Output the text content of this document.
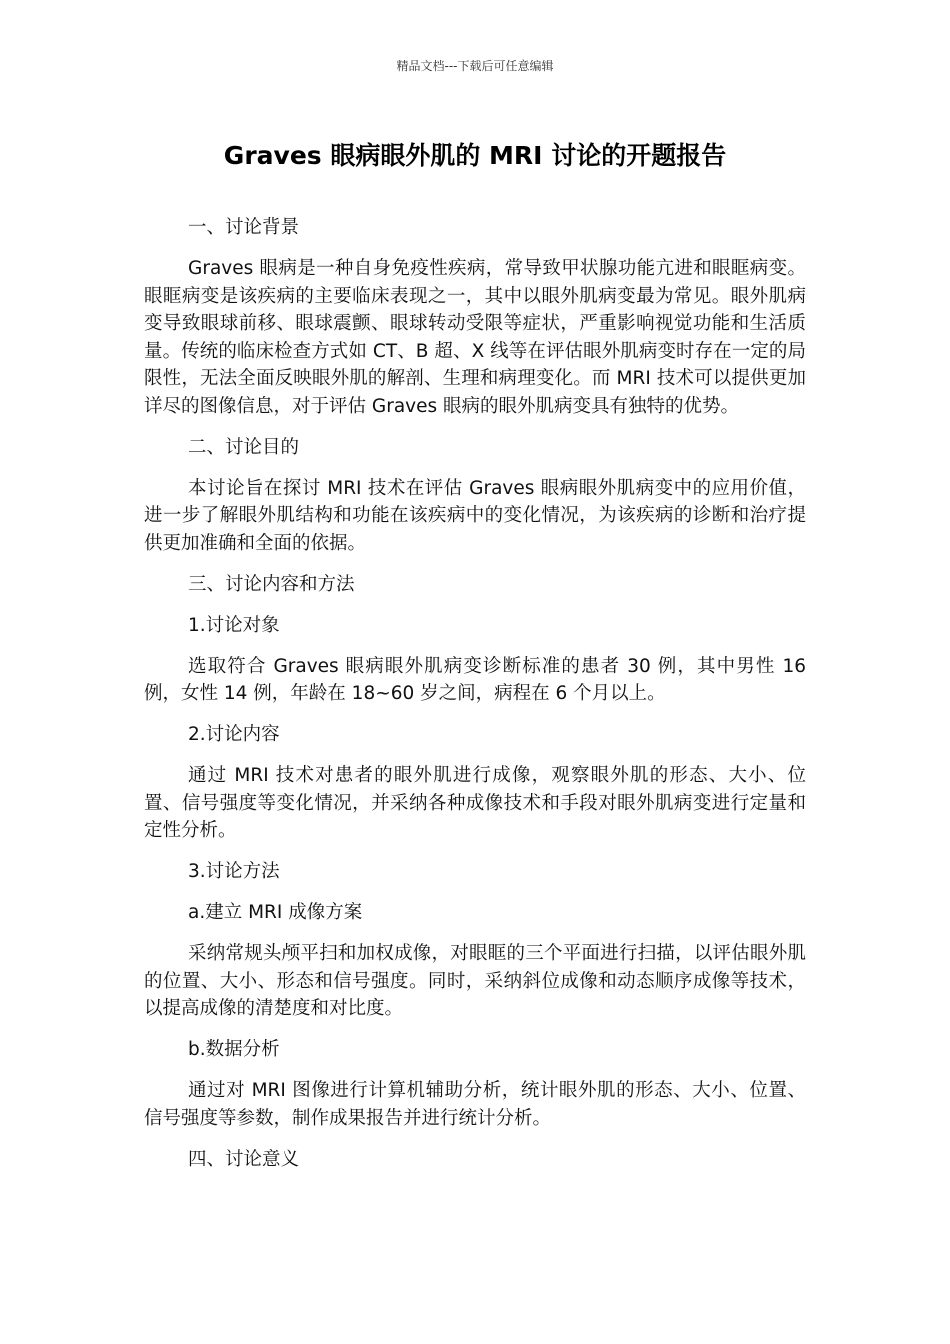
精品文档---下载后可任意编辑
Graves 眼病眼外肌的 MRI 讨论的开题报告
一、讨论背景
Graves 眼病是一种自身免疫性疾病，常导致甲状腺功能亢进和眼眶病变。眼眶病变是该疾病的主要临床表现之一，其中以眼外肌病变最为常见。眼外肌病变导致眼球前移、眼球震颤、眼球转动受限等症状，严重影响视觉功能和生活质量。传统的临床检查方式如 CT、B 超、X 线等在评估眼外肌病变时存在一定的局限性，无法全面反映眼外肌的解剖、生理和病理变化。而 MRI 技术可以提供更加详尽的图像信息，对于评估 Graves 眼病的眼外肌病变具有独特的优势。
二、讨论目的
本讨论旨在探讨 MRI 技术在评估 Graves 眼病眼外肌病变中的应用价值，进一步了解眼外肌结构和功能在该疾病中的变化情况，为该疾病的诊断和治疗提供更加准确和全面的依据。
三、讨论内容和方法
1.讨论对象
选取符合 Graves 眼病眼外肌病变诊断标准的患者 30 例，其中男性 16 例，女性 14 例，年龄在 18~60 岁之间，病程在 6 个月以上。
2.讨论内容
通过 MRI 技术对患者的眼外肌进行成像，观察眼外肌的形态、大小、位置、信号强度等变化情况，并采纳各种成像技术和手段对眼外肌病变进行定量和定性分析。
3.讨论方法
a.建立 MRI 成像方案
采纳常规头颅平扫和加权成像，对眼眶的三个平面进行扫描，以评估眼外肌的位置、大小、形态和信号强度。同时，采纳斜位成像和动态顺序成像等技术，以提高成像的清楚度和对比度。
b.数据分析
通过对 MRI 图像进行计算机辅助分析，统计眼外肌的形态、大小、位置、信号强度等参数，制作成果报告并进行统计分析。
四、讨论意义
